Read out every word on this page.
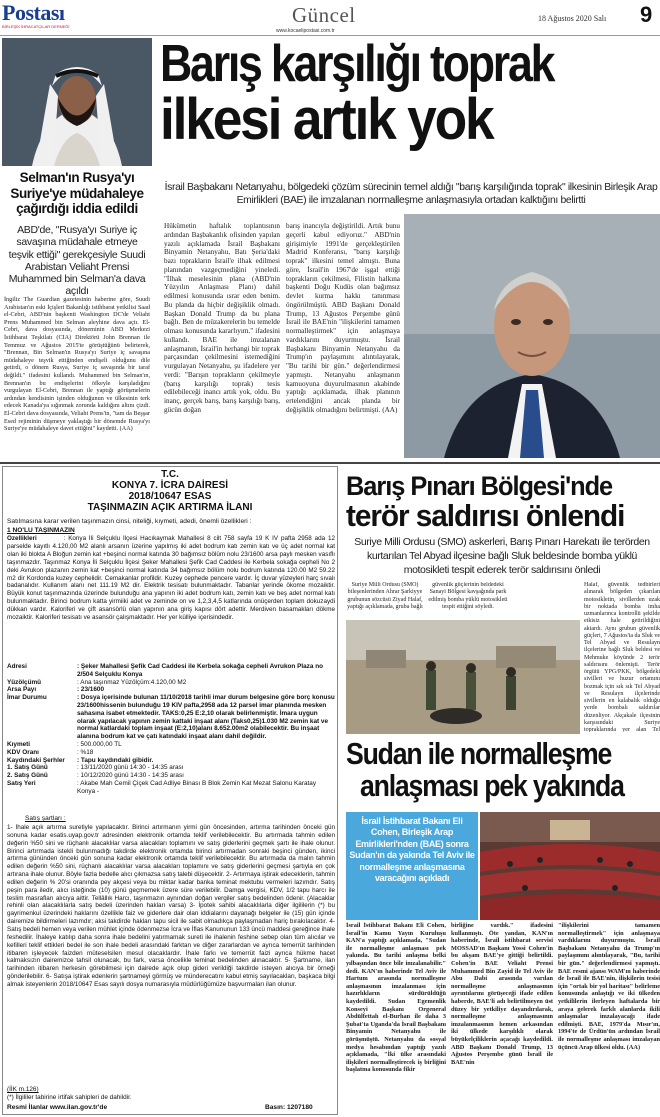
Postası
BİRLEŞİK İHRACATÇILAR DERNEĞİ	Güncel
www.kocaelipostasi.com.tr
18 Ağustos 2020 Salı 9
Selman'ın Rusya'yı Suriye'ye müdahaleye çağırdığı iddia edildi
ABD'de, "Rusya'yı Suriye iç savaşına müdahale etmeye teşvik ettiği" gerekçesiyle Suudi Arabistan Veliaht Prensi Muhammed bin Selman'a dava açıldı
İngiliz The Guardian gazetesinin haberine göre, Suudi Arabistan'ın eski İçişleri Bakanlığı istihbarat yetkilisi Saad el-Cebri, ABD'nin başkenti Washington DC'de Veliaht Prens Muhammed bin Selman aleyhine dava açtı. El-Cebri, dava dosyasında, döneminin ABD Merkezi İstihbarat Teşkilatı (CIA) Direktörü John Brennan ile Temmuz ve Ağustos 2015'te görüştüğünü belirterek, "Brennan, Bin Selman'ın Rusya'yı Suriye iç savaşına müdahaleye teşvik ettiğinden endişeli olduğunu dile getirdi, o dönem Rusya, Suriye iç savaşında bir taraf değildi." ifadesini kullandı. Muhammed bin Selman'ın, Brennan'ın bu endişelerini öfkeyle karşıladığını vurgulayan El-Cebri, Brennan ile yaptığı görüşmelerin ardından kendisinin işinden olduğunun ve ülkesinin terk edecek Kanada'ya sığınmak zorunda kaldığını altını çizdi. El-Cebri dava dosyasında, Veliaht Prens'in, "tam da Beşşar Esed rejiminin düşmeye yaklaştığı bir dönemde Rusya'yı Suriye'ye müdahaleye davet ettiğini" kaydetti. (AA)
Barış karşılığı toprak
ilkesi artık yok
İsrail Başbakanı Netanyahu, bölgedeki çözüm sürecinin temel aldığı "barış karşılığında toprak" ilkesinin Birleşik Arap Emirlikleri (BAE) ile imzalanan normalleşme anlaşmasıyla ortadan kalktığını belirtti
Hükümetin haftalık toplantısının ardından Başbakanlık ofisinden yapılan yazılı açıklamada İsrail Başbakanı Binyamin Netanyahu, Batı Şeria'daki bazı toprakların İsrail'e ilhak edilmesi planından vazgeçmediğini yineledi. "İlhak meselesinin plana (ABD'nin Yüzyılın Anlaşması Planı) dahil edilmesi konusunda ısrar eden benim. Bu planda da hiçbir değişiklik olmadı. Başkan Donald Trump da bu plana bağlı. Ben de müzakerelerin bu temelde olması konusunda kararlıyım." ifadesini kullandı. BAE ile imzalanan anlaşmanın, İsrail'in herhangi bir toprak parçasından çekilmesini istemediğini vurgulayan Netanyahu, şu ifadelere yer verdi: "Barışın toprakların çekilmeyle (barış karşılığı toprak) tesis edilebileceği inancı artık yok, oldu. Bu inanç, gerçek barış, barış karşılığı barış, gücün doğan
barış inancıyla değiştirildi. Artık bunu geçerli kabul ediyoruz." ABD'nin girişimiyle 1991'de gerçekleştirilen Madrid Konferansı, "barış karşılığı toprak" ilkesini temel almıştı. Buna göre, İsrail'in 1967'de işgal ettiği toprakların çekilmesi, Filistin halkına başkenti Doğu Kudüs olan bağımsız devlet kurma hakkı tanınması öngörülmüştü. ABD Başkanı Donald Trump, 13 Ağustos Perşembe günü İsrail ile BAE'nin "ilişkilerini tamamen normalleştirmek" için anlaşmaya vardıklarını duyurmuştu. İsrail Başbakanı Binyamin Netanyahu da Trump'ın paylaşımını alıntılayarak, "Bu tarihi bir gün." değerlendirmesi yapmıştı. Netanyahu anlaşmanın kamuoyuna duyurulmasının akabinde yaptığı açıklamada, ilhak planının ertelendiğini ancak planda bir değişiklik olmadığını belirtmişti. (AA)
T.C.
KONYA 7. İCRA DAİRESİ
2018/10647 ESAS
TAŞINMAZIN AÇIK ARTIRMA İLANI
Satılmasına karar verilen taşınmazın cinsi, niteliği, kıymeti, adedi, önemli özellikleri :
1 NO'LU TAŞINMAZIN
Özellikleri	: Konya İli Selçuklu İlçesi Hacıkaymak Mahallesi 8 cilt 758 sayfa 19 K IV pafta 2958 ada 12 parselde kayıtlı 4.120,00 M2 alanlı arsanın üzerine yapılmış iki adet bodrum katı zemin katı ve üç adet normal kat olan iki blokta A Bloğun zemin kat +beşinci normal katında 30 bağımsız bölüm nolu 23/1600 arsa paylı mesken vasıflı taşınmazdır. Taşınmaz Konya İli Selçuklu İlçesi Şeker Mahallesi Şefik Cad Caddesi ile Kerbela sokağa cepheli No 2 deki Avrukon plazanın zemin kat +beşinci normal katında 34 bağımsız bölüm nolu bodrum katında 120.00 M2 59.22 m2 dir Kordonda kuzey cephelidir. Cemakanlar profildir. Kuzey cephede pencere vardır. İç duvar yüzeyleri harç sıvalı badanalıdır. Kullanım alanı net 111.19 M2 dir. Elektrik tesisatı bulunmaktadır. Tabanlar yerinde ökome mozaiktir. Büyük konut taşınmazında üzerinde bulunduğu ana yapının iki adet bodrum katı, zemin katı ve beş adet normal katı bulunmaktadır. Birinci bodrum katta yirmiiki adet ve zeminde on ve 1,2,3,4,5 katlarında onüçerden toplam dokuzaydi dükkan vardır. Kaloriferi ve çift asansörlü olan yapının ana giriş kapısı dört adettir. Merdiven basamakları dökme mozaiktir. Kaloriferi tesisatı ve asansör çalışmaktadır. Her yer külliye içerisindedir.
Adresi	: Şeker Mahallesi Şefik Cad Caddesi ile Kerbela sokağa cepheli Avrukon Plaza no 2/504 Selçuklu Konya
Yüzölçümü	: Ana taşınmaz Yüzölçüm:4.120,00 M2
Arsa Payı	: 23/1600
İmar Durumu	: Dosya içerisinde bulunan 11/10/2018 tarihli imar durum belgesine göre borç konusu 23/1600hissenin bulunduğu 19 KIV pafta,2958 ada 12 parsel imar planında mesken sahasına isabet etmektedir. TAKS:0,25 E:2,10 olarak belirlenmiştir. İmara uygun olarak yapılacak yapının zemin kattaki inşaat alanı (Taks0,25)1.030 M2 zemin kat ve normal katlardaki toplam inşaat (E:2,10)alanı 8.652.00m2 olabilecektir. Bu inşaat alanına bodrum kat ve çatı katındaki inşaat alanı dahil değildir.
Kıymeti	: 500.000,00 TL
KDV Oranı	: %18
Kaydındaki Şerhler	: Tapu kaydındaki gibidir.
1. Satış Günü	: 13/11/2020 günü 14:30 - 14:35 arası
2. Satış Günü	: 10/12/2020 günü 14:30 - 14:35 arası
Satış Yeri	: Akabe Mah Cemil Çiçek Cad Adliye Binası B Blok Zemin Kat Mezat Salonu Karatay Konya -
Satış şartları :
1- İhale açık artırma suretiyle yapılacaktır. Birinci artırmanın yirmi gün öncesinden, artırma tarihinden önceki gün sonuna kadar esatis.uyap.gov.tr adresinden elektronik ortamda teklif verilebilecektir. Bu artırmada tahmin edilen değerin %50 sini ve rüçhanlı alacaklılar varsa alacakları toplamını ve satış giderlerini geçmek şartı ile ihale olunur. Birinci artırmada istekli bulunmadığı takdirde elektronik ortamda birinci artırmadan sonraki beşinci günden, ikinci artırma gününden önceki gün sonuna kadar elektronik ortamda teklif verilebilecektir. Bu artırmada da malın tahmin edilen değerin %50 sini, rüçhanlı alacaklılar varsa alacakları toplamını ve satış giderlerini geçmesi şartıyla en çok artırana ihale olunur. Böyle fazla bedelle alıcı çıkmazsa satış talebi düşecektir. 2- Artırmaya iştirak edeceklerin, tahmin edilen değerin % 20'si oranında pey akçesi veya bu miktar kadar banka teminat mektubu vermeleri lazımdır. Satış peşin para iledir, alıcı isteğinde (10) günü geçmemek üzere süre verilebilir. Damga vergisi, KDV, 1/2 tapu harcı ile teslim masrafları alıcıya aittir. Tellâllık Harcı, taşınmazın aynından doğan vergiler satış bedelinden ödenir. (Alacaklar rehinli olan alacaklılarla satış bedeli üzerinden hakları varsa) 3- İpotek sahibi alacaklılarla diğer ilgililerin (*) bu gayrimenkul üzerindeki haklarını özellikle faiz ve giderlere dair olan iddialarını dayanağı belgeler ile (15) gün içinde dairemize bildirmeleri lazımdır; aksi takdirde hakları tapu sicil ile sabit olmadıkça paylaşmadan hariç bırakılacaktır. 4- Satış bedeli hemen veya verilen mühlet içinde ödenmezse İcra ve İflas Kanununun 133 üncü maddesi gereğince ihale feshedilir. İhaleye katılıp daha sonra ihale bedelini yatırmamak sureti ile ihalenin feshine sebep olan tüm alıcılar ve kefilleri teklif ettikleri bedel ile son ihale bedeli arasındaki farktan ve diğer zararlardan ve ayrıca temerrüt tarihinden itibaren işleyecek faizden müteselsilen mesul olacaklardır. İhale farkı ve temerrüt faizi ayrıca hükme hacet kalmaksızın dairemizce tahsil olunacak, bu fark, varsa öncelikle teminat bedelinden alınacaktır. 5- Şartname, ilan tarihinden itibaren herkesin görebilmesi için dairede açık olup gideri verildiği takdirde isteyen alıcıya bir örneği gönderilebilir. 6- Satışa iştirak edenlerin şartnameyi görmüş ve münderecatını kabul etmiş sayılacakları, başkaca bilgi almak isteyenlerin 2018/10647 Esas sayılı dosya numarasıyla müdürlüğümüze başvurmaları ilan olunur.
(İİK m.126)
(*) İlgililer tabirine irtifak sahipleri de dahildir.
Resmi İlanlar www.ilan.gov.tr'de	Basın: 1207180
Barış Pınarı Bölgesi'nde
terör saldırısı önlendi
Suriye Milli Ordusu (SMO) askerleri, Barış Pınarı Harekatı ile terörden kurtarılan Tel Abyad ilçesine bağlı Sluk beldesinde bomba yüklü motosikleti tespit ederek terör saldırısını önledi
Suriye Milli Ordusu (SMO) bileşenlerinden Ahrar Şarkiyye grubunun sözcüsü Ziyad Halaf, yaptığı açıklamada, gruba bağlı
güvenlik güçlerinin beldedeki Sanayi Bölgesi kavşağında park edilmiş bomba yüklü motosikleti tespit ettiğini söyledi.
Halaf, güvenlik tedbirleri alınarak bölgeden çıkarılan motosikletin, sivillerden uzak bir noktada bomba imha uzmanlarınca kontrollü şekilde etkisiz hale getirildiğini aktardı. Aynı grubun güvenlik güçleri, 7 Ağustos'ta da Sluk ve Tel Abyad ve Resulayn ilçelerine bağlı Sluk beldesi ve Mehmuke köyünde 2 terör saldırısını önlemişti. Terör örgütü YPG/PKK, bölgedeki sivilleri ve huzur ortamını bozmak için sık sık Tel Abyad ve Resulayn ilçelerinde sivillerin en kalabalık olduğu yerde bombalı saldırılar düzenliyor. Akçakale ilçesinin karşısındaki Suriye topraklarında yer alan Tel
Sudan ile normalleşme
anlaşması pek yakında
İsrail İstihbarat Bakanı Eli Cohen, Birleşik Arap Emirlikleri'nden (BAE) sonra Sudan'ın da yakında Tel Aviv ile normalleşme anlaşmasına varacağını açıkladı
İsrail İstihbarat Bakanı Eli Cohen, İsrail'in Kamu Yayın Kuruluşu KAN'a yaptığı açıklamada, "Sudan ile normalleşme anlaşması pek yakında. Bu tarihi anlaşma belki yılbaşından önce bile imzalanabilir." dedi. KAN'ın haberinde Tel Aviv ile Hartum arasında normalleşme anlaşmasının imzalanması için hazırlıkların sürdürüldüğü kaydedildi. Sudan Egemenlik Konseyi Başkanı Orgeneral Abdülfettah el-Burhan ile daha 3 Şubat'ta Uganda'da İsrail Başbakanı Binyamin Netanyahu ile görüşmüştü. Netanyahu da sosyal medya hesabından yaptığı yazılı açıklamada, "İki ülke arasındaki ilişkileri normalleştirecek iş birliğini başlatma konusunda fikir
birliğine vardık." ifadesini kullanmıştı. Öte yandan, KAN'ın haberinde, İsrail istihbarat servisi MOSSAD'ın Başkanı Yossi Cohen'in bu akşam BAE'ye gittiği belirtildi. Cohen'in BAE Veliaht Prensi Muhammed Bin Zayid ile Tel Aviv ile Abu Dabi arasında varılan normalleşme anlaşmasının ayrıntılarını görüşeceği ifade edilen haberde, BAE'li adı belirtilmeyen üst düzey bir yetkiliye dayandırılarak, normalleşme anlaşmasının imzalanmasının hemen arkasından iki ülkede karşılıklı olarak büyükelçiliklerin açacağı kaydedildi. ABD Başkanı Donald Trump, 13 Ağustos Perşembe günü İsrail ile BAE'nin
"ilişkilerini tamamen normalleştirmek" için anlaşmaya vardıklarını duyurmuştu. İsrail Başbakanı Netanyahu da Trump'ın paylaşımını alıntılayarak, "Bu, tarihi bir gün." değerlendirmesi yapmıştı. BAE resmi ajansı WAM'ın haberinde de İsrail ile BAE'nin, ilişkilerin tesisi için "ortak bir yol haritası" belirleme konusunda anlaştığı ve iki ülkeden yetkililerin ilerleyen haftalarda bir araya gelerek farklı alanlarda ikili anlaşmalar imzalayacağı ifade edilmişti. BAE, 1979'da Mısır'ın, 1994'te de Ürdün'ün ardından İsrail ile normalleşme anlaşması imzalayan üçüncü Arap ülkesi oldu. (AA)
